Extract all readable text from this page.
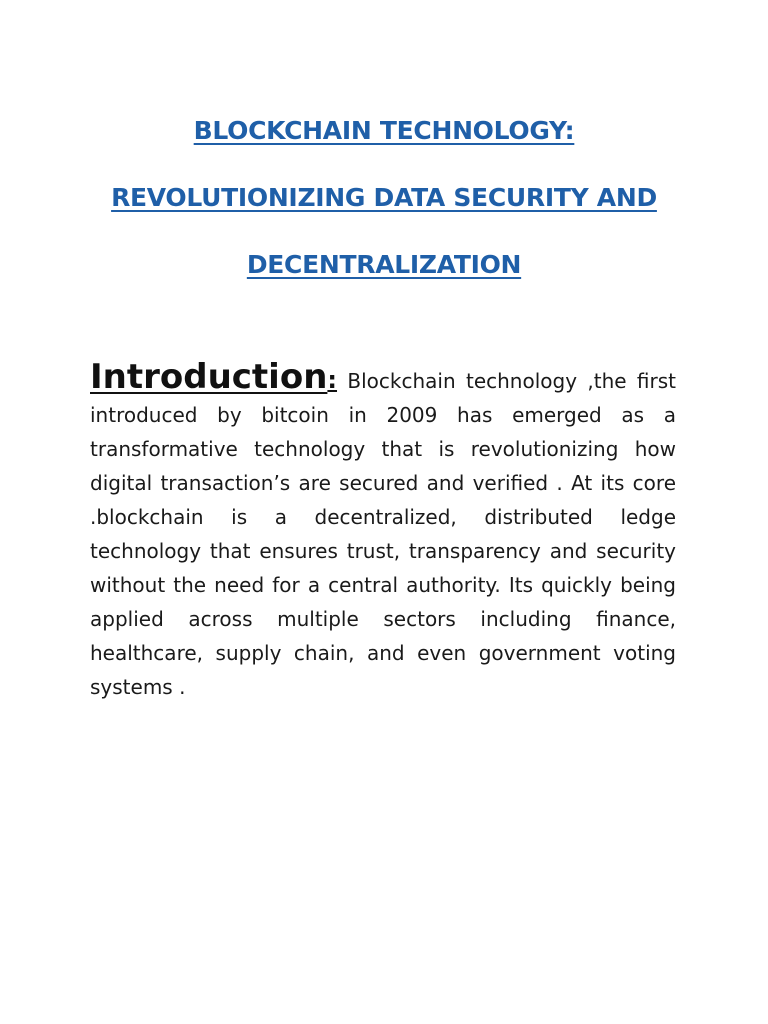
BLOCKCHAIN TECHNOLOGY:
REVOLUTIONIZING DATA SECURITY AND
DECENTRALIZATION
Introduction: Blockchain technology ,the first introduced by bitcoin in 2009 has emerged as a transformative technology that is revolutionizing how digital transaction’s are secured and verified . At its core .blockchain is a decentralized, distributed ledge technology that ensures trust, transparency and security without the need for a central authority. Its quickly being applied across multiple sectors including finance, healthcare, supply chain, and even government voting systems .
